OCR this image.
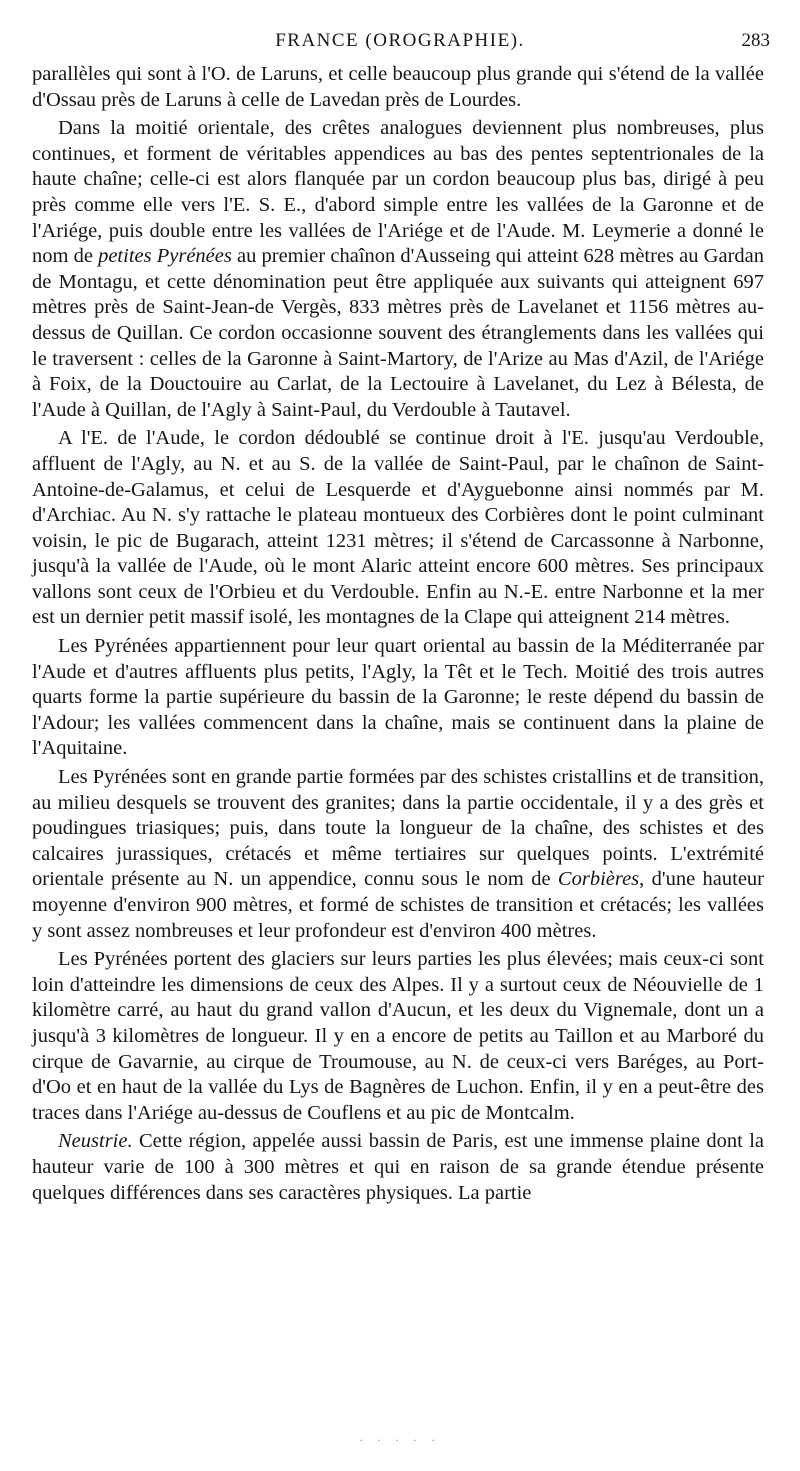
FRANCE (OROGRAPHIE).	283

parallèles qui sont à l'O. de Laruns, et celle beaucoup plus grande qui s'étend de la vallée d'Ossau près de Laruns à celle de Lavedan près de Lourdes.

Dans la moitié orientale, des crêtes analogues deviennent plus nombreuses, plus continues, et forment de véritables appendices au bas des pentes septentrionales de la haute chaîne; celle-ci est alors flanquée par un cordon beaucoup plus bas, dirigé à peu près comme elle vers l'E. S. E., d'abord simple entre les vallées de la Garonne et de l'Ariége, puis double entre les vallées de l'Ariége et de l'Aude. M. Leymerie a donné le nom de petites Pyrénées au premier chaînon d'Ausseing qui atteint 628 mètres au Gardan de Montagu, et cette dénomination peut être appliquée aux suivants qui atteignent 697 mètres près de Saint-Jean-de Vergès, 833 mètres près de Lavelanet et 1156 mètres au-dessus de Quillan. Ce cordon occasionne souvent des étranglements dans les vallées qui le traversent : celles de la Garonne à Saint-Martory, de l'Arize au Mas d'Azil, de l'Ariége à Foix, de la Douctouire au Carlat, de la Lectouire à Lavelanet, du Lez à Bélesta, de l'Aude à Quillan, de l'Agly à Saint-Paul, du Verdouble à Tautavel.

A l'E. de l'Aude, le cordon dédoublé se continue droit à l'E. jusqu'au Verdouble, affluent de l'Agly, au N. et au S. de la vallée de Saint-Paul, par le chaînon de Saint-Antoine-de-Galamus, et celui de Lesquerde et d'Ayguebonne ainsi nommés par M. d'Archiac. Au N. s'y rattache le plateau montueux des Corbières dont le point culminant voisin, le pic de Bugarach, atteint 1231 mètres; il s'étend de Carcassonne à Narbonne, jusqu'à la vallée de l'Aude, où le mont Alaric atteint encore 600 mètres. Ses principaux vallons sont ceux de l'Orbieu et du Verdouble. Enfin au N.-E. entre Narbonne et la mer est un dernier petit massif isolé, les montagnes de la Clape qui atteignent 214 mètres.

Les Pyrénées appartiennent pour leur quart oriental au bassin de la Méditerranée par l'Aude et d'autres affluents plus petits, l'Agly, la Têt et le Tech. Moitié des trois autres quarts forme la partie supérieure du bassin de la Garonne; le reste dépend du bassin de l'Adour; les vallées commencent dans la chaîne, mais se continuent dans la plaine de l'Aquitaine.

Les Pyrénées sont en grande partie formées par des schistes cristallins et de transition, au milieu desquels se trouvent des granites; dans la partie occidentale, il y a des grès et poudingues triasiques; puis, dans toute la longueur de la chaîne, des schistes et des calcaires jurassiques, crétacés et même tertiaires sur quelques points. L'extrémité orientale présente au N. un appendice, connu sous le nom de Corbières, d'une hauteur moyenne d'environ 900 mètres, et formé de schistes de transition et crétacés; les vallées y sont assez nombreuses et leur profondeur est d'environ 400 mètres.

Les Pyrénées portent des glaciers sur leurs parties les plus élevées; mais ceux-ci sont loin d'atteindre les dimensions de ceux des Alpes. Il y a surtout ceux de Néouvielle de 1 kilomètre carré, au haut du grand vallon d'Aucun, et les deux du Vignemale, dont un a jusqu'à 3 kilomètres de longueur. Il y en a encore de petits au Taillon et au Marboré du cirque de Gavarnie, au cirque de Troumouse, au N. de ceux-ci vers Baréges, au Port-d'Oo et en haut de la vallée du Lys de Bagnères de Luchon. Enfin, il y en a peut-être des traces dans l'Ariége au-dessus de Couflens et au pic de Montcalm.

Neustrie. Cette région, appelée aussi bassin de Paris, est une immense plaine dont la hauteur varie de 100 à 300 mètres et qui en raison de sa grande étendue présente quelques différences dans ses caractères physiques. La partie

. . . . .
